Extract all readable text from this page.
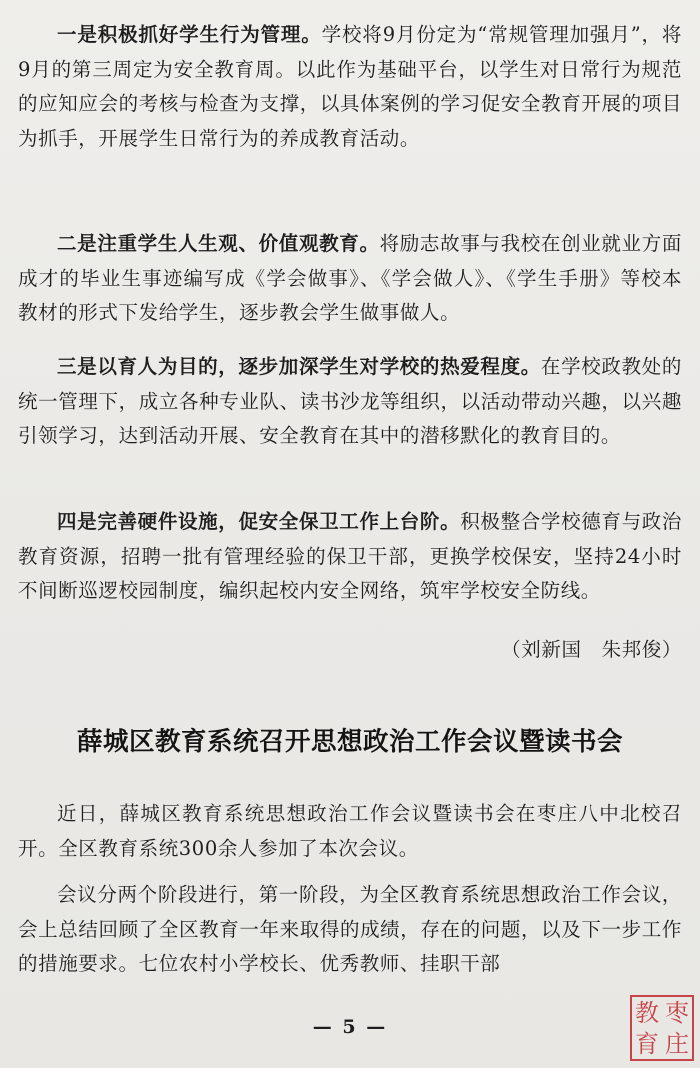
一是积极抓好学生行为管理。学校将9月份定为“常规管理加强月”，将9月的第三周定为安全教育周。以此作为基础平台，以学生对日常行为规范的应知应会的考核与检查为支撑，以具体案例的学习促安全教育开展的项目为抓手，开展学生日常行为的养成教育活动。

二是注重学生人生观、价值观教育。将励志故事与我校在创业就业方面成才的毕业生事迹编写成《学会做事》、《学会做人》、《学生手册》等校本教材的形式下发给学生，逐步教会学生做事做人。

三是以育人为目的，逐步加深学生对学校的热爱程度。在学校政教处的统一管理下，成立各种专业队、读书沙龙等组织，以活动带动兴趣，以兴趣引领学习，达到活动开展、安全教育在其中的潜移默化的教育目的。

四是完善硬件设施，促安全保卫工作上台阶。积极整合学校德育与政治教育资源，招聘一批有管理经验的保卫干部，更换学校保安，坚持24小时不间断巡逻校园制度，编织起校内安全网络，筑牢学校安全防线。

（刘新国 朱邦俊）
薛城区教育系统召开思想政治工作会议暨读书会

近日，薛城区教育系统思想政治工作会议暨读书会在枣庄八中北校召开。全区教育系统300余人参加了本次会议。

会议分两个阶段进行，第一阶段，为全区教育系统思想政治工作会议，会上总结回顾了全区教育一年来取得的成绩，存在的问题，以及下一步工作的措施要求。七位农村小学校长、优秀教师、挂职干部

— 5 —
教 枣
育 庄
